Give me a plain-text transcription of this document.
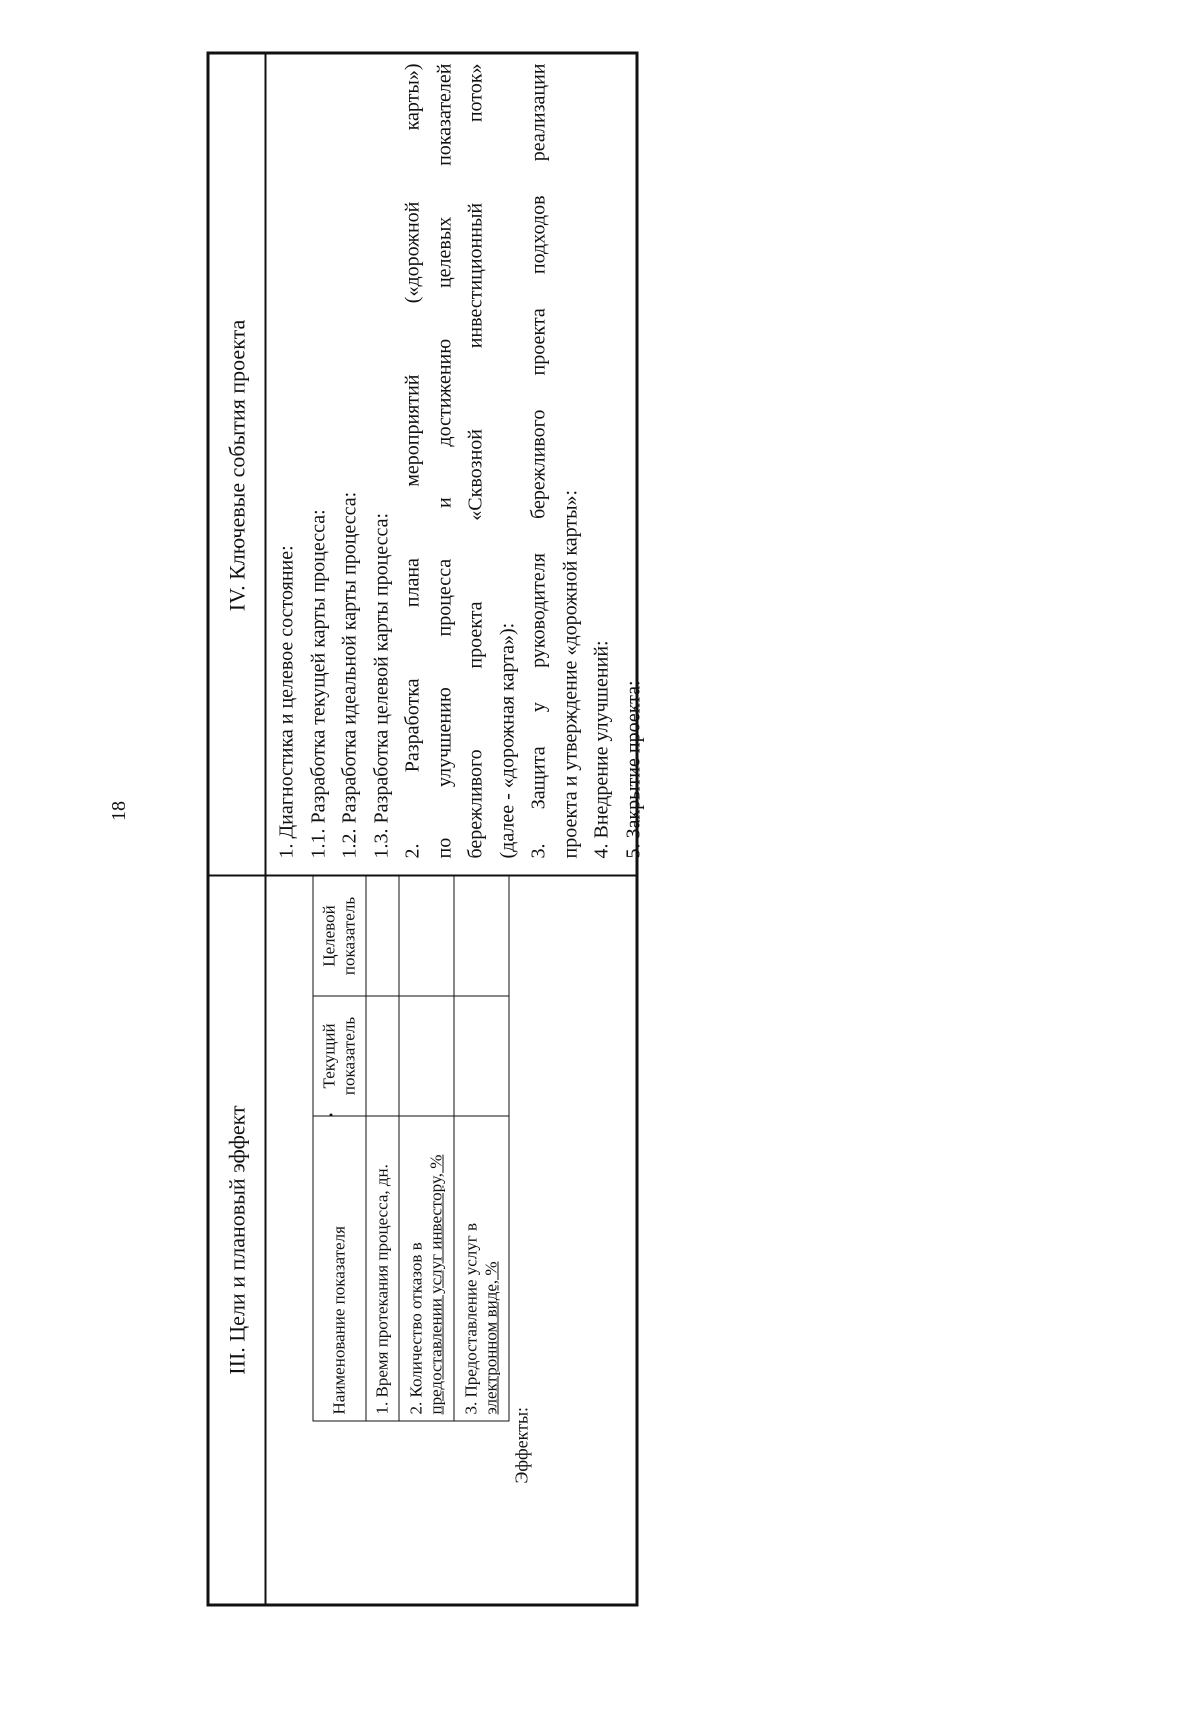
18
III. Цели и плановый эффект
IV. Ключевые события проекта
Наименование показателя	Текущий показатель	Целевой показатель
1. Время протекания процесса, дн.		

2. Количество отказов в предоставлении услуг инвестору, %		

3. Предоставление услуг в электронном виде, %		

Эффекты:
1. Диагностика и целевое состояние: 1.1. Разработка текущей карты процесса: 1.2. Разработка идеальной карты процесса: 1.3. Разработка целевой карты процесса: 2. Разработка плана мероприятий («дорожной карты») по улучшению процесса и достижению целевых показателей бережливого проекта «Сквозной инвестиционный поток» (далее - «дорожная карта»): 3. Защита у руководителя бережливого проекта подходов реализации проекта и утверждение «дорожной карты»: 4. Внедрение улучшений: 5. Закрытие проекта:
